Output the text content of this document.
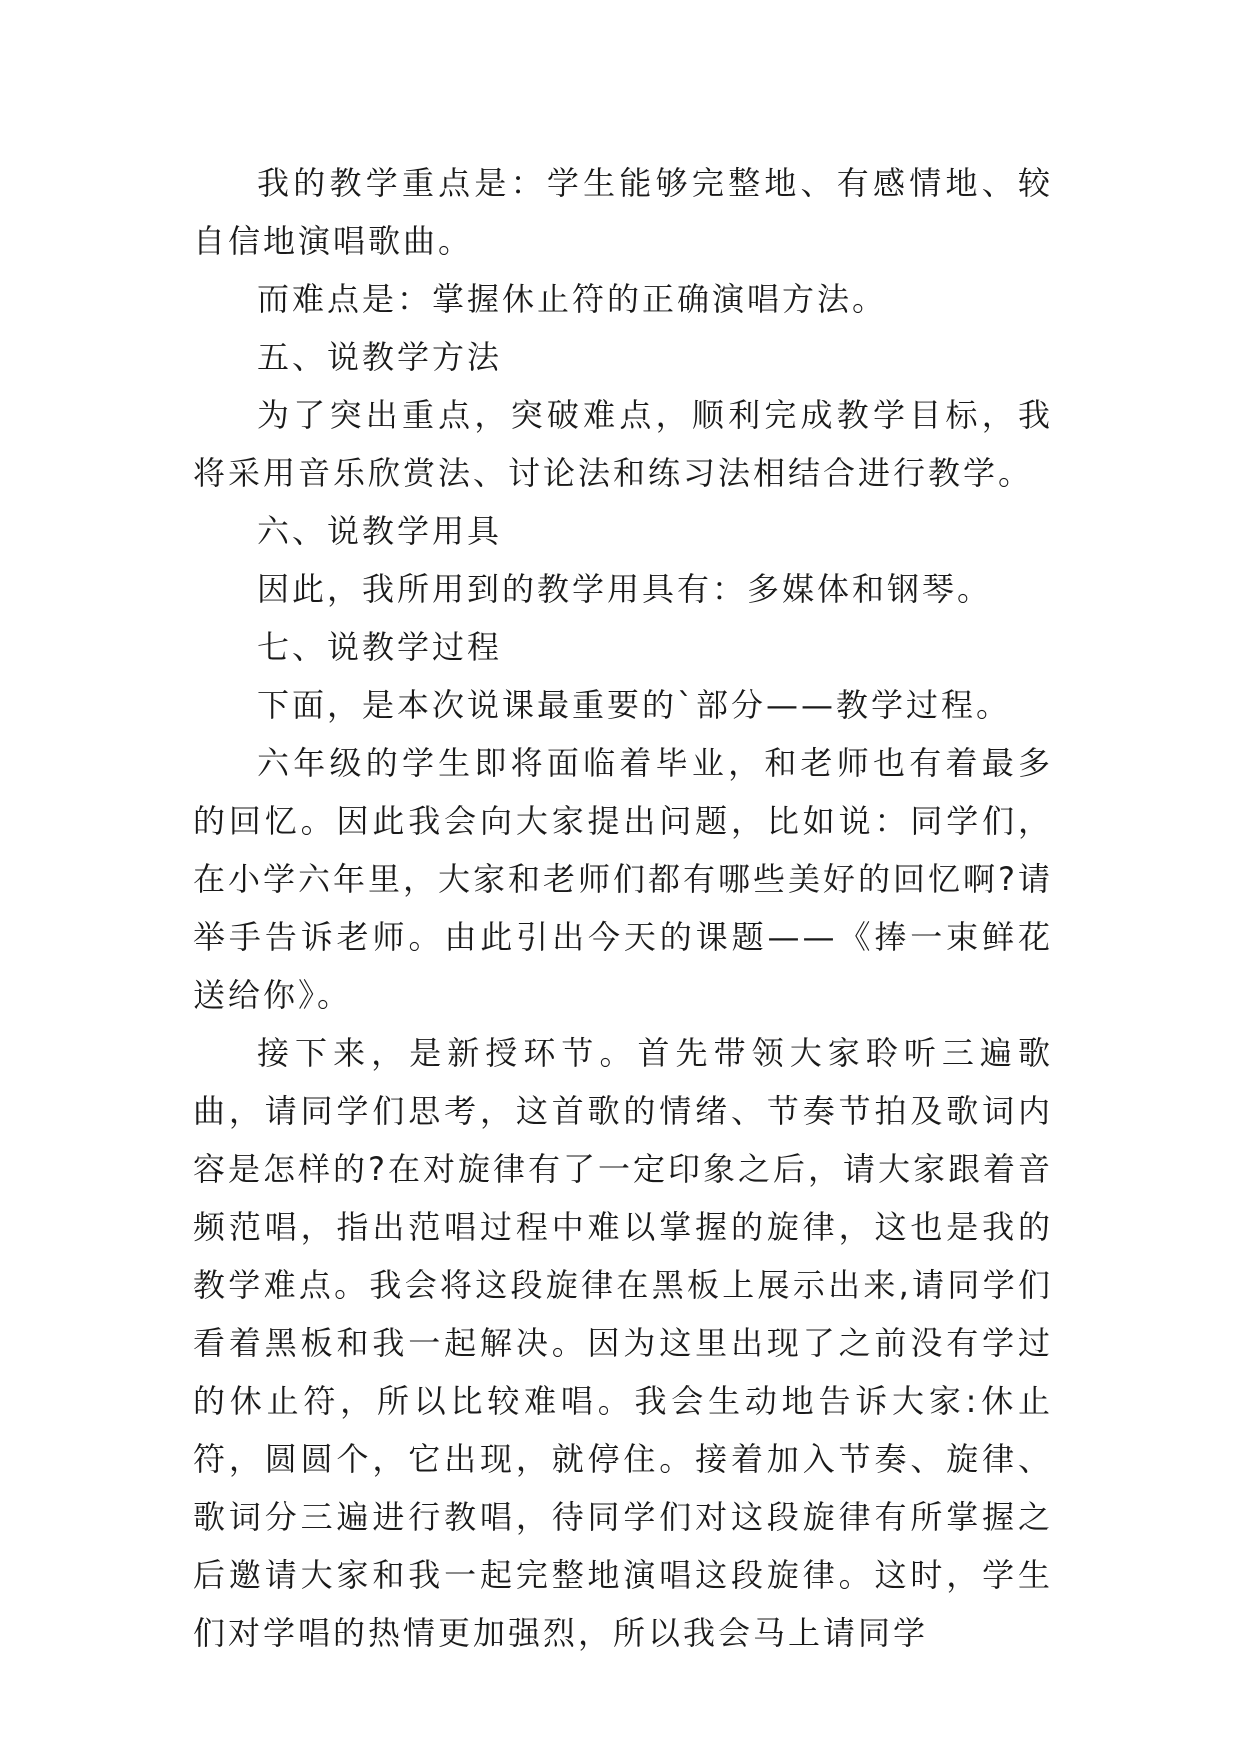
我的教学重点是：学生能够完整地、有感情地、较自信地演唱歌曲。

而难点是：掌握休止符的正确演唱方法。

五、说教学方法

为了突出重点，突破难点，顺利完成教学目标，我将采用音乐欣赏法、讨论法和练习法相结合进行教学。

六、说教学用具

因此，我所用到的教学用具有：多媒体和钢琴。

七、说教学过程

下面，是本次说课最重要的`部分——教学过程。

六年级的学生即将面临着毕业，和老师也有着最多的回忆。因此我会向大家提出问题，比如说：同学们，在小学六年里，大家和老师们都有哪些美好的回忆啊?请举手告诉老师。由此引出今天的课题——《捧一束鲜花送给你》。

接下来，是新授环节。首先带领大家聆听三遍歌曲，请同学们思考，这首歌的情绪、节奏节拍及歌词内容是怎样的?在对旋律有了一定印象之后，请大家跟着音频范唱，指出范唱过程中难以掌握的旋律，这也是我的教学难点。我会将这段旋律在黑板上展示出来,请同学们看着黑板和我一起解决。因为这里出现了之前没有学过的休止符，所以比较难唱。我会生动地告诉大家:休止符，圆圆个，它出现，就停住。接着加入节奏、旋律、歌词分三遍进行教唱，待同学们对这段旋律有所掌握之后邀请大家和我一起完整地演唱这段旋律。这时，学生们对学唱的热情更加强烈，所以我会马上请同学
